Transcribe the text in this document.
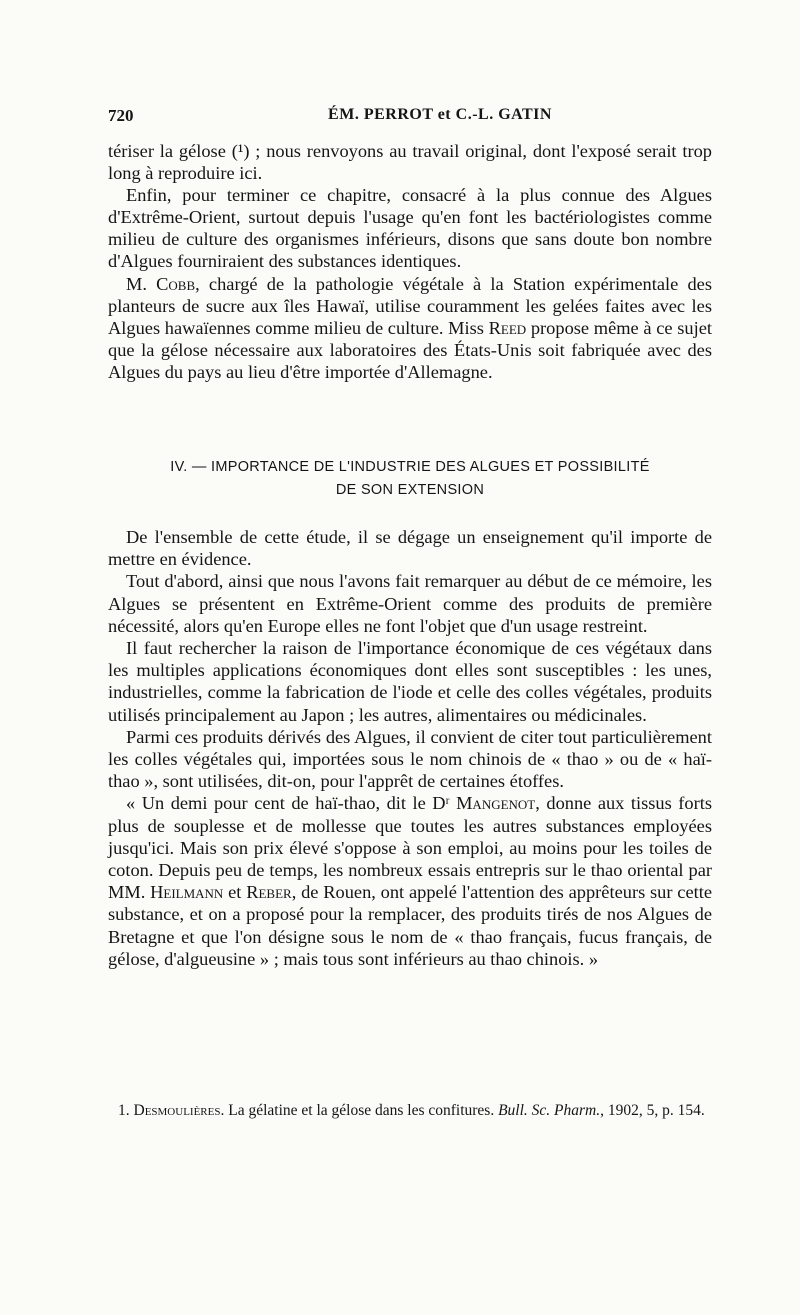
720	ÉM. PERROT et C.-L. GATIN

tériser la gélose (¹) ; nous renvoyons au travail original, dont l'exposé serait trop long à reproduire ici.

Enfin, pour terminer ce chapitre, consacré à la plus connue des Algues d'Extrême-Orient, surtout depuis l'usage qu'en font les bactériologistes comme milieu de culture des organismes inférieurs, disons que sans doute bon nombre d'Algues fourniraient des substances identiques.

M. Cobb, chargé de la pathologie végétale à la Station expérimentale des planteurs de sucre aux îles Hawaï, utilise couramment les gelées faites avec les Algues hawaïennes comme milieu de culture. Miss Reed propose même à ce sujet que la gélose nécessaire aux laboratoires des États-Unis soit fabriquée avec des Algues du pays au lieu d'être importée d'Allemagne.

IV. — IMPORTANCE DE L'INDUSTRIE DES ALGUES ET POSSIBILITÉ
DE SON EXTENSION

De l'ensemble de cette étude, il se dégage un enseignement qu'il importe de mettre en évidence.

Tout d'abord, ainsi que nous l'avons fait remarquer au début de ce mémoire, les Algues se présentent en Extrême-Orient comme des produits de première nécessité, alors qu'en Europe elles ne font l'objet que d'un usage restreint.

Il faut rechercher la raison de l'importance économique de ces végétaux dans les multiples applications économiques dont elles sont susceptibles : les unes, industrielles, comme la fabrication de l'iode et celle des colles végétales, produits utilisés principalement au Japon ; les autres, alimentaires ou médicinales.

Parmi ces produits dérivés des Algues, il convient de citer tout particulièrement les colles végétales qui, importées sous le nom chinois de « thao » ou de « haï-thao », sont utilisées, dit-on, pour l'apprêt de certaines étoffes.

« Un demi pour cent de haï-thao, dit le Dʳ Mangenot, donne aux tissus forts plus de souplesse et de mollesse que toutes les autres substances employées jusqu'ici. Mais son prix élevé s'oppose à son emploi, au moins pour les toiles de coton. Depuis peu de temps, les nombreux essais entrepris sur le thao oriental par MM. Heilmann et Reber, de Rouen, ont appelé l'attention des apprêteurs sur cette substance, et on a proposé pour la remplacer, des produits tirés de nos Algues de Bretagne et que l'on désigne sous le nom de « thao français, fucus français, de gélose, d'algueusine » ; mais tous sont inférieurs au thao chinois. »

1. Desmoulières. La gélatine et la gélose dans les confitures. Bull. Sc. Pharm., 1902, 5, p. 154.
